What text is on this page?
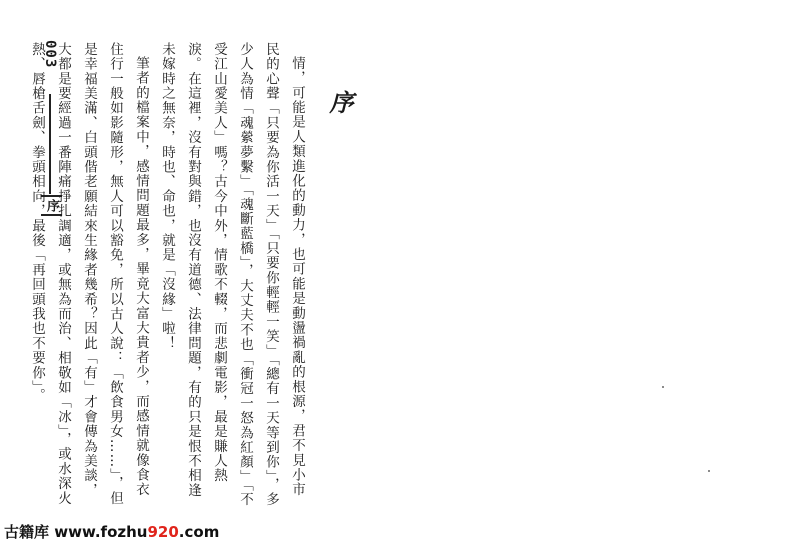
003
序	情，可能是人類進化的動力，也可能是動盪禍亂的根源，君不見小市民的心聲「只要為你活一天」「只要你輕輕一笑」「總有一天等到你」，多少人為情「魂縈夢繫」「魂斷藍橋」，大丈夫不也「衝冠一怒為紅顏」「不受江山愛美人」嗎？古今中外，情歌不輟，而悲劇電影，最是賺人熱淚。在這裡，沒有對與錯，也沒有道德、法律問題，有的只是恨不相逢未嫁時之無奈，時也、命也，就是「沒緣」啦！

筆者的檔案中，感情問題最多，畢竟大富大貴者少，而感情就像食衣住行一般如影隨形，無人可以豁免，所以古人說：「飲食男女……」，但是幸福美滿、白頭偕老願結來生緣者幾希？因此「有」才會傳為美談，大都是要經過一番陣痛掙扎調適，或無為而治、相敬如「冰」，或水深火熱、唇槍舌劍、拳頭相向，最後「再回頭我也不要你」。	序
古籍库 www.fozhu920.com
